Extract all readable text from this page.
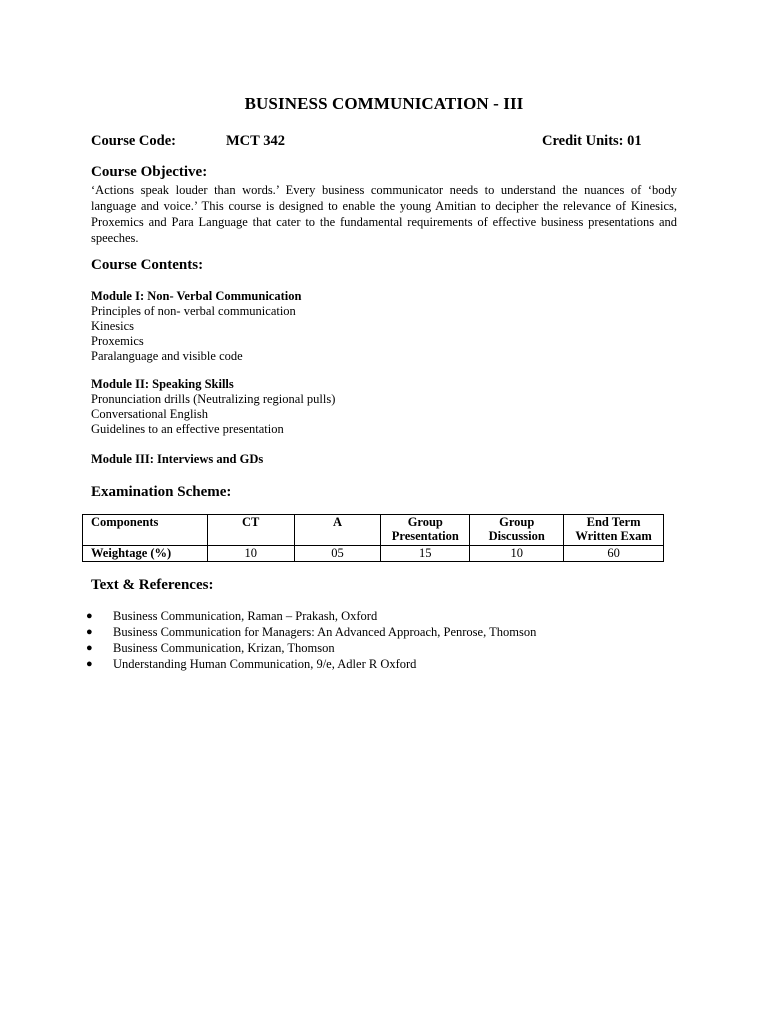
BUSINESS COMMUNICATION - III
Course Code:	MCT 342	Credit Units: 01
Course Objective:
‘Actions speak louder than words.’ Every business communicator needs to understand the nuances of ‘body language and voice.’ This course is designed to enable the young Amitian to decipher the relevance of Kinesics, Proxemics and Para Language that cater to the fundamental requirements of effective business presentations and speeches.
Course Contents:
Module I: Non- Verbal Communication
Principles of non- verbal communication
Kinesics
Proxemics
Paralanguage and visible code
Module II: Speaking Skills
Pronunciation drills (Neutralizing regional pulls)
Conversational English
Guidelines to an effective presentation
Module III: Interviews and GDs
Examination Scheme:
Components	CT	A	Group Presentation	Group Discussion	End Term Written Exam
Weightage (%)	10	05	15	10	60
Text & References:
● Business Communication, Raman – Prakash, Oxford
● Business Communication for Managers: An Advanced Approach, Penrose, Thomson
● Business Communication, Krizan, Thomson
● Understanding Human Communication, 9/e, Adler R Oxford
